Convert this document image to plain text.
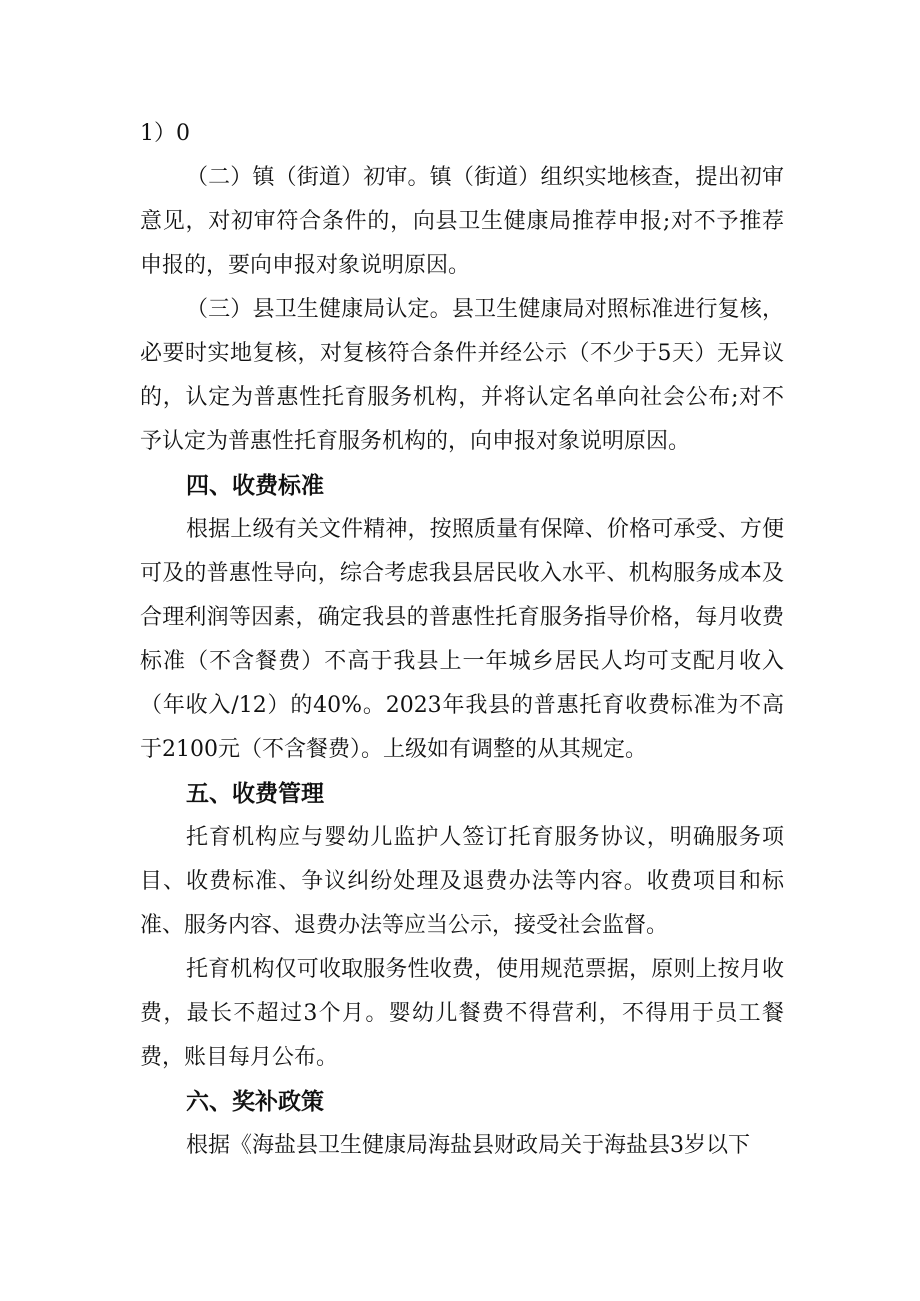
1）0

（二）镇（街道）初审。镇（街道）组织实地核查，提出初审意见，对初审符合条件的，向县卫生健康局推荐申报;对不予推荐申报的，要向申报对象说明原因。

（三）县卫生健康局认定。县卫生健康局对照标准进行复核，必要时实地复核，对复核符合条件并经公示（不少于5天）无异议的，认定为普惠性托育服务机构，并将认定名单向社会公布;对不予认定为普惠性托育服务机构的，向申报对象说明原因。

四、收费标准

根据上级有关文件精神，按照质量有保障、价格可承受、方便可及的普惠性导向，综合考虑我县居民收入水平、机构服务成本及合理利润等因素，确定我县的普惠性托育服务指导价格，每月收费标准（不含餐费）不高于我县上一年城乡居民人均可支配月收入（年收入/12）的40%。2023年我县的普惠托育收费标准为不高于2100元（不含餐费）。上级如有调整的从其规定。

五、收费管理

托育机构应与婴幼儿监护人签订托育服务协议，明确服务项目、收费标准、争议纠纷处理及退费办法等内容。收费项目和标准、服务内容、退费办法等应当公示，接受社会监督。

托育机构仅可收取服务性收费，使用规范票据，原则上按月收费，最长不超过3个月。婴幼儿餐费不得营利，不得用于员工餐费，账目每月公布。

六、奖补政策

根据《海盐县卫生健康局海盐县财政局关于海盐县3岁以下
